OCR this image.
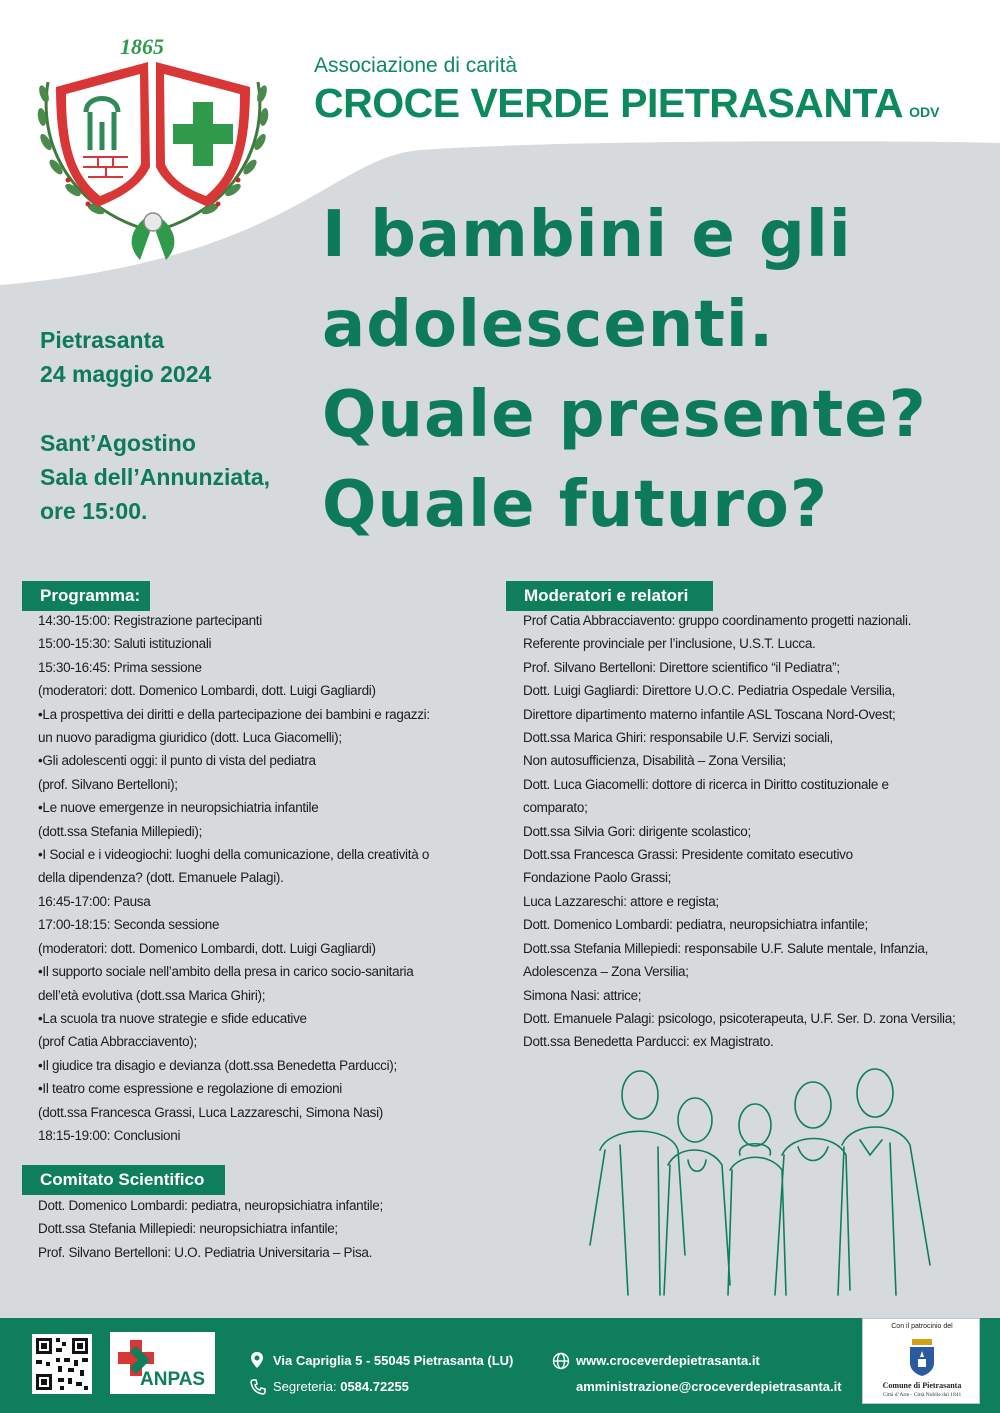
1865
Associazione di carità
CROCE VERDE PIETRASANTA ODV
I bambini e gli
adolescenti.
Quale presente?
Quale futuro?
Pietrasanta
24 maggio 2024
Sant’Agostino
Sala dell’Annunziata,
ore 15:00.
Programma:
14:30-15:00: Registrazione partecipanti
15:00-15:30: Saluti istituzionali
15:30-16:45: Prima sessione
(moderatori: dott. Domenico Lombardi, dott. Luigi Gagliardi)
•La prospettiva dei diritti e della partecipazione dei bambini e ragazzi:
un nuovo paradigma giuridico (dott. Luca Giacomelli);
•Gli adolescenti oggi: il punto di vista del pediatra
(prof. Silvano Bertelloni);
•Le nuove emergenze in neuropsichiatria infantile
(dott.ssa Stefania Millepiedi);
•I Social e i videogiochi: luoghi della comunicazione, della creatività o
della dipendenza? (dott. Emanuele Palagi).
16:45-17:00: Pausa
17:00-18:15: Seconda sessione
(moderatori: dott. Domenico Lombardi, dott. Luigi Gagliardi)
•Il supporto sociale nell’ambito della presa in carico socio-sanitaria
dell’età evolutiva (dott.ssa Marica Ghiri);
•La scuola tra nuove strategie e sfide educative
(prof Catia Abbracciavento);
•Il giudice tra disagio e devianza (dott.ssa Benedetta Parducci);
•Il teatro come espressione e regolazione di emozioni
(dott.ssa Francesca Grassi, Luca Lazzareschi, Simona Nasi)
18:15-19:00: Conclusioni
Comitato Scientifico
Dott. Domenico Lombardi: pediatra, neuropsichiatra infantile;
Dott.ssa Stefania Millepiedi: neuropsichiatra infantile;
Prof. Silvano Bertelloni: U.O. Pediatria Universitaria – Pisa.
Moderatori e relatori
Prof Catia Abbracciavento: gruppo coordinamento progetti nazionali.
Referente provinciale per l’inclusione, U.S.T. Lucca.
Prof. Silvano Bertelloni: Direttore scientifico “il Pediatra”;
Dott. Luigi Gagliardi: Direttore U.O.C. Pediatria Ospedale Versilia,
Direttore dipartimento materno infantile ASL Toscana Nord-Ovest;
Dott.ssa Marica Ghiri: responsabile U.F. Servizi sociali,
Non autosufficienza, Disabilità – Zona Versilia;
Dott. Luca Giacomelli: dottore di ricerca in Diritto costituzionale e
comparato;
Dott.ssa Silvia Gori: dirigente scolastico;
Dott.ssa Francesca Grassi: Presidente comitato esecutivo
Fondazione Paolo Grassi;
Luca Lazzareschi: attore e regista;
Dott. Domenico Lombardi: pediatra, neuropsichiatra infantile;
Dott.ssa Stefania Millepiedi: responsabile U.F. Salute mentale, Infanzia,
Adolescenza – Zona Versilia;
Simona Nasi: attrice;
Dott. Emanuele Palagi: psicologo, psicoterapeuta, U.F. Ser. D. zona Versilia;
Dott.ssa Benedetta Parducci: ex Magistrato.
ANPAS
Via Capriglia 5 - 55045 Pietrasanta (LU)
Segreteria: 0584.72255
www.croceverdepietrasanta.it
amministrazione@croceverdepietrasanta.it
Con il patrocinio del
Comune di Pietrasanta
Città d’Arte - Città Nobile dal 1841
